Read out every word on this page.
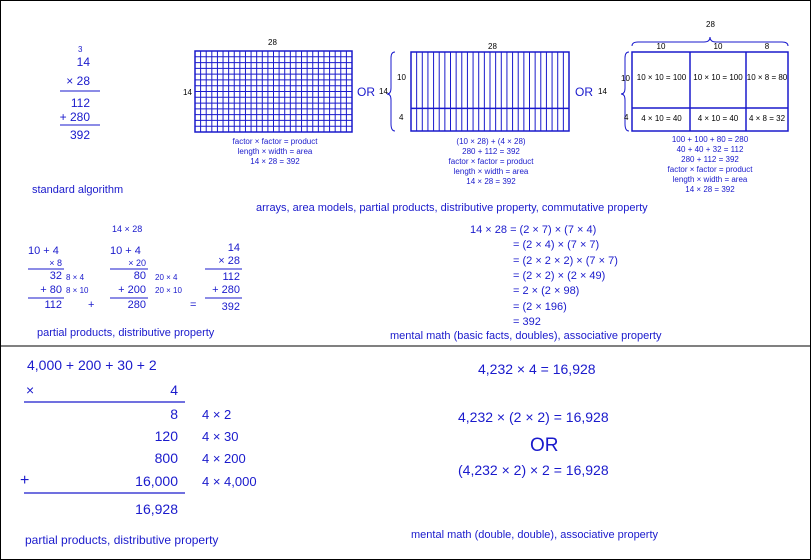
3
14
× 28
112
+ 280
392
standard algorithm
28
14	OR
28
14
10
4
OR
28
10	10	8
14
10
4
10 × 10 = 100 10 × 10 = 100 10 × 8 = 80
4 × 10 = 40	4 × 10 = 40	4 × 8 = 32
factor × factor = product
length × width = area
14 × 28 = 392
(10 × 28) + (4 × 28)
280 + 112 = 392
factor × factor = product
length × width = area
14 × 28 = 392
100 + 100 + 80 = 280
40 + 40 + 32 = 112
280 + 112 = 392
factor × factor = product
length × width = area
14 × 28 = 392
arrays, area models, partial products, distributive property, commutative property
14 × 28
10 + 4
× 8
32 8 × 4
+ 80 8 × 10
112 +
10 + 4
× 20
80 20 × 4
+ 200 20 × 10
280	=
14
× 28
112
+ 280
392
partial products, distributive property
14 × 28 = (2 × 7) × (7 × 4)
= (2 × 4) × (7 × 7)
= (2 × 2 × 2) × (7 × 7)
= (2 × 2) × (2 × 49)
= 2 × (2 × 98)
= (2 × 196)
= 392
mental math (basic facts, doubles), associative property
4,000 + 200 + 30 + 2
×	4
8 4 × 2
120 4 × 30
800 4 × 200
+	16,000 4 × 4,000
16,928
partial products, distributive property
4,232 × 4 = 16,928
4,232 × (2 × 2) = 16,928
OR
(4,232 × 2) × 2 = 16,928
mental math (double, double), associative property
